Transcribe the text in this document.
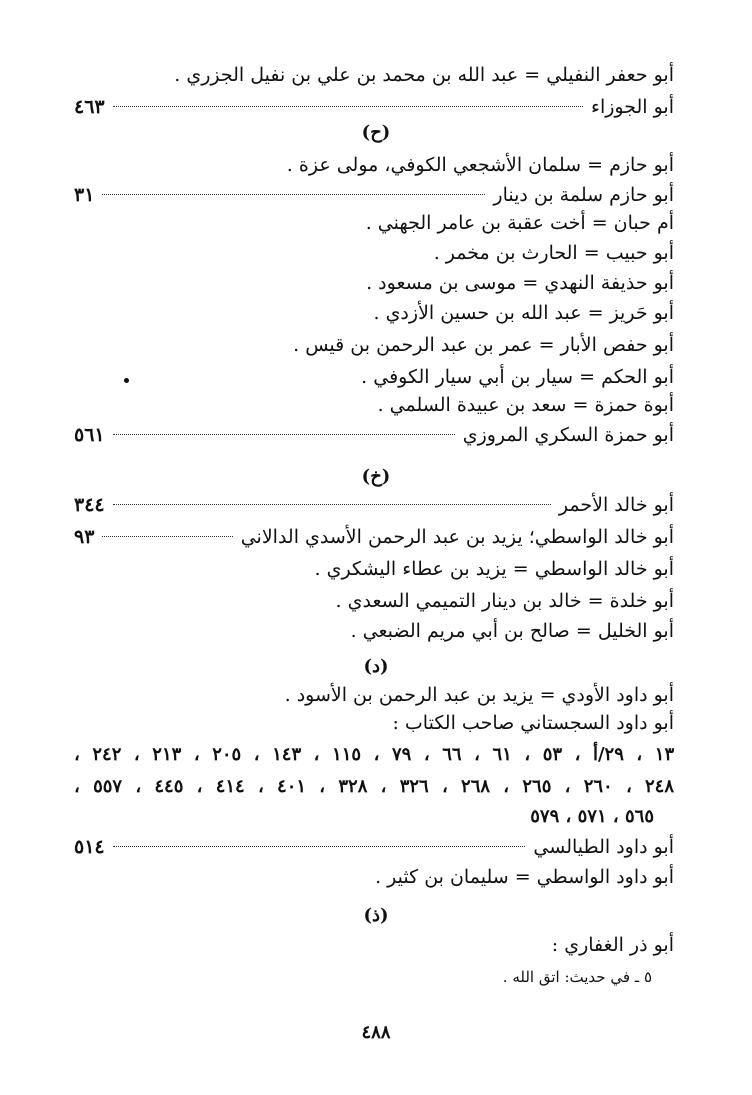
أبو حعفر النفيلي = عبد الله بن محمد بن علي بن نفيل الجزري .
أبو الجوزاء
٤٦٣
(ح)
أبو حازم = سلمان الأشجعي الكوفي، مولى عزة .
أبو حازم سلمة بن دينار
٣١
أم حبان = أخت عقبة بن عامر الجهني .
أبو حبيب = الحارث بن مخمر .
أبو حذيفة النهدي = موسى بن مسعود .
أبو حَريز = عبد الله بن حسين الأزدي .
أبو حفص الأبار = عمر بن عبد الرحمن بن قيس .
أبو الحكم = سيار بن أبي سيار الكوفي .
أبوة حمزة = سعد بن عبيدة السلمي .
أبو حمزة السكري المروزي
٥٦١
(خ)
أبو خالد الأحمر
٣٤٤
أبو خالد الواسطي؛ يزيد بن عبد الرحمن الأسدي الدالاني
٩٣
أبو خالد الواسطي = يزيد بن عطاء اليشكري .
أبو خلدة = خالد بن دينار التميمي السعدي .
أبو الخليل = صالح بن أبي مريم الضبعي .
(د)
أبو داود الأودي = يزيد بن عبد الرحمن بن الأسود .
أبو داود السجستاني صاحب الكتاب :
١٣ ، ٢٩/أ ، ٥٣ ، ٦١ ، ٦٦ ، ٧٩ ، ١١٥ ، ١٤٣ ، ٢٠٥ ، ٢١٣ ، ٢٤٢ ،
٢٤٨ ، ٢٦٠ ، ٢٦٥ ، ٢٦٨ ، ٣٢٦ ، ٣٢٨ ، ٤٠١ ، ٤١٤ ، ٤٤٥ ، ٥٥٧ ،
٥٦٥ ، ٥٧١ ، ٥٧٩
أبو داود الطيالسي
٥١٤
أبو داود الواسطي = سليمان بن كثير .
(ذ)
أبو ذر الغفاري :
٥ ـ في حديث: اتق الله .
٤٨٨
